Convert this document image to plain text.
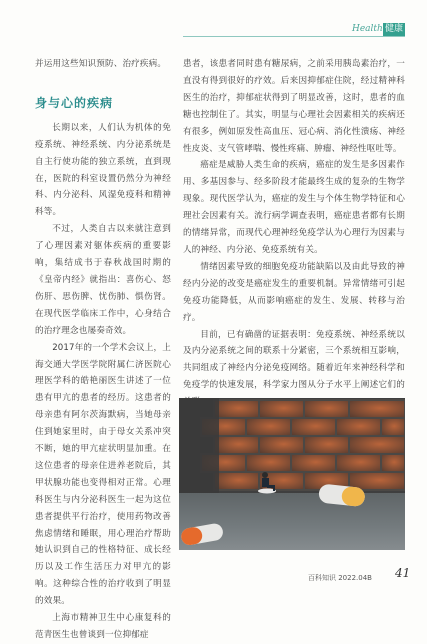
Health 健康

并运用这些知识预防、治疗疾病。

身与心的疾病

长期以来，人们认为机体的免疫系统、神经系统、内分泌系统是自主行使功能的独立系统，直到现在，医院的科室设置仍然分为神经科、内分泌科、风湿免疫科和精神科等。

不过，人类自古以来就注意到了心理因素对躯体疾病的重要影响，集结成书于春秋战国时期的《皇帝内经》就指出：喜伤心、怒伤肝、思伤脾、忧伤肺、惧伤肾。在现代医学临床工作中，心身结合的治疗理念也屡奏奇效。

2017年的一个学术会议上，上海交通大学医学院附属仁济医院心理医学科的皓艳丽医生讲述了一位患有甲亢的患者的经历。这患者的母亲患有阿尔茨海默病，当她母亲住到她家里时，由于母女关系冲突不断，她的甲亢症状明显加重。在这位患者的母亲住进养老院后，其甲状腺功能也变得相对正常。心理科医生与内分泌科医生一起为这位患者提供平行治疗，使用药物改善焦虑情绪和睡眠，用心理治疗帮助她认识到自己的性格特征、成长经历以及工作生活压力对甲亢的影响。这种综合性的治疗收到了明显的效果。

上海市精神卫生中心康复科的范青医生也曾谈到一位抑郁症

患者，该患者同时患有糖尿病，之前采用胰岛素治疗，一直没有得到很好的疗效。后来因抑郁症住院，经过精神科医生的治疗，抑郁症状得到了明显改善，这时，患者的血糖也控制住了。其实，明显与心理社会因素相关的疾病还有很多，例如原发性高血压、冠心病、消化性溃疡、神经性皮炎、支气管哮喘、慢性疼痛、肿瘤、神经性呕吐等。

癌症是威胁人类生命的疾病，癌症的发生是多因素作用、多基因参与、经多阶段才能最终生成的复杂的生物学现象。现代医学认为，癌症的发生与个体生物学特征和心理社会因素有关。流行病学调查表明，癌症患者都有长期的情绪异常，而现代心理神经免疫学认为心理行为因素与人的神经、内分泌、免疫系统有关。

情绪因素导致的细胞免疫功能缺陷以及由此导致的神经内分泌的改变是癌症发生的重要机制。异常情绪可引起免疫功能降低，从而影响癌症的发生、发展、转移与治疗。

目前，已有确凿的证据表明：免疫系统、神经系统以及内分泌系统之间的联系十分紧密，三个系统相互影响，共同组成了神经内分泌免疫网络。随着近年来神经科学和免疫学的快速发展，科学家力图从分子水平上阐述它们的

百科知识 2022.04B 41
